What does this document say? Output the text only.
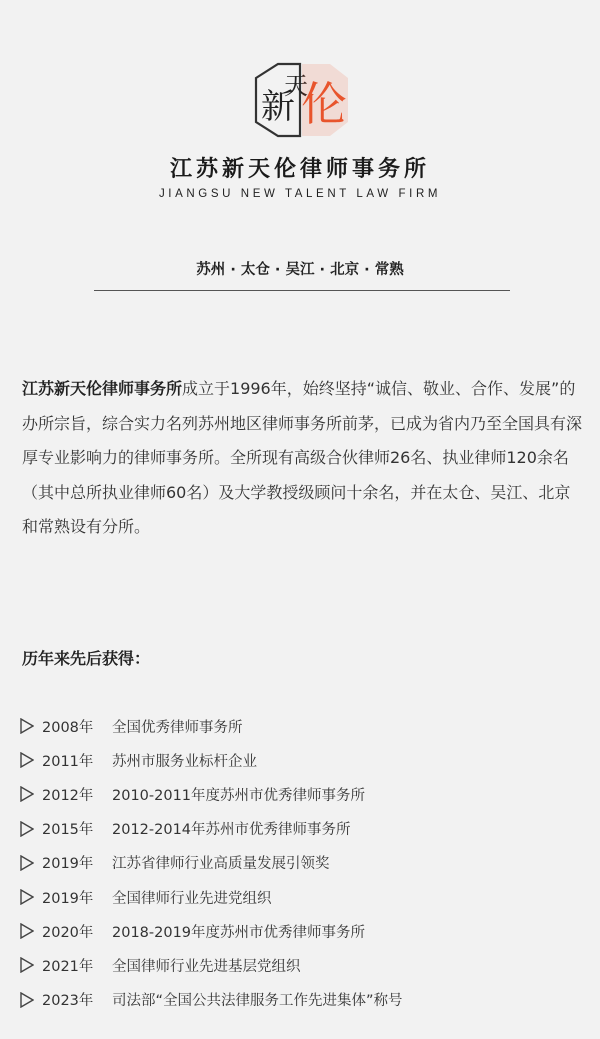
新
天
伦
江苏新天伦律师事务所
JIANGSU NEW TALENT LAW FIRM
苏州 · 太仓 · 吴江 · 北京 · 常熟

江苏新天伦律师事务所成立于1996年，始终坚持“诚信、敬业、合作、发展”的办所宗旨，综合实力名列苏州地区律师事务所前茅，已成为省内乃至全国具有深厚专业影响力的律师事务所。全所现有高级合伙律师26名、执业律师120余名（其中总所执业律师60名）及大学教授级顾问十余名，并在太仓、吴江、北京和常熟设有分所。

历年来先后获得：
2008年	全国优秀律师事务所
2011年	苏州市服务业标杆企业
2012年	2010-2011年度苏州市优秀律师事务所
2015年	2012-2014年苏州市优秀律师事务所
2019年	江苏省律师行业高质量发展引领奖
2019年	全国律师行业先进党组织
2020年	2018-2019年度苏州市优秀律师事务所
2021年	全国律师行业先进基层党组织
2023年	司法部“全国公共法律服务工作先进集体”称号
